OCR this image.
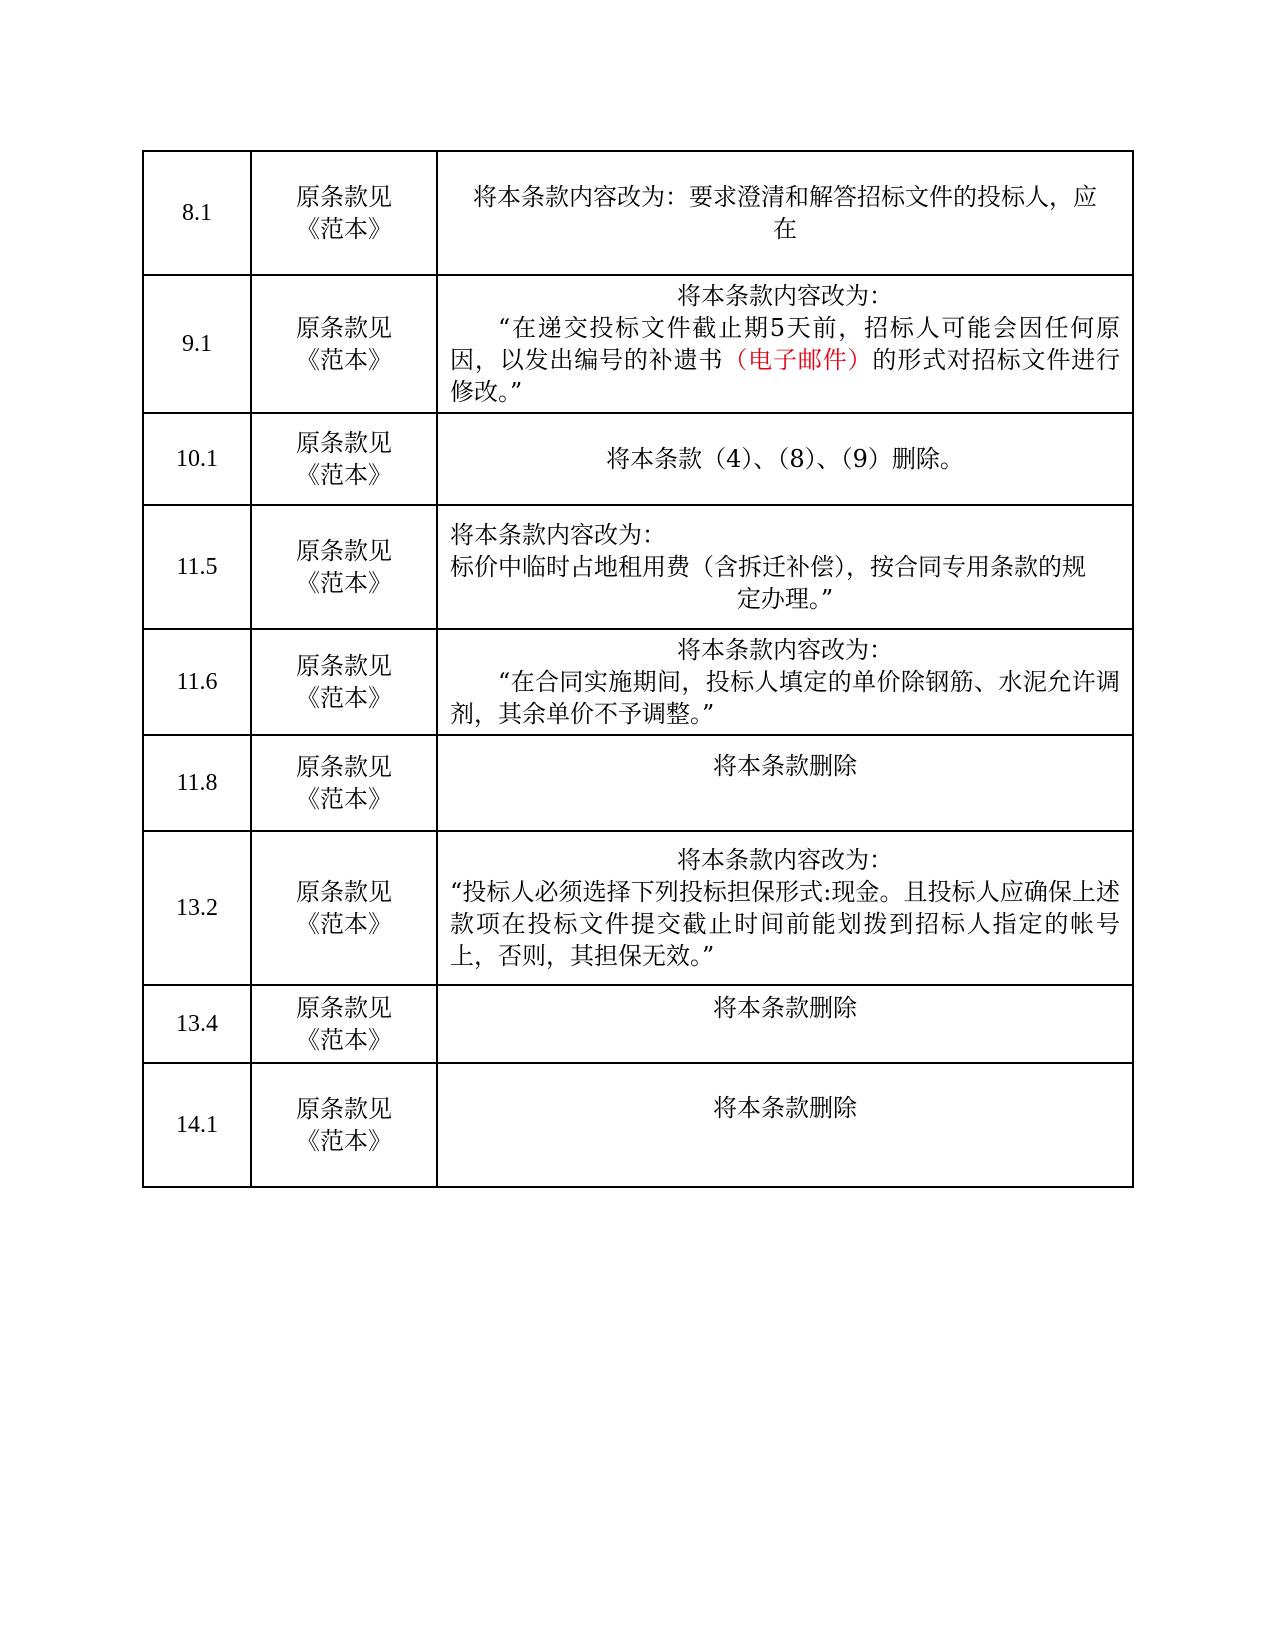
8.1	原条款见
《范本》	将本条款内容改为：要求澄清和解答招标文件的投标人，应
在

9.1	原条款见
《范本》	将本条款内容改为：
“在递交投标文件截止期5天前，招标人可能会因任何原因，以发出编号的补遗书（电子邮件）的形式对招标文件进行修改。”

10.1	原条款见
《范本》	将本条款（4）、（8）、（9）删除。

11.5	原条款见
《范本》	将本条款内容改为：
标价中临时占地租用费（含拆迁补偿），按合同专用条款的规
定办理。”

11.6	原条款见
《范本》	将本条款内容改为：
“在合同实施期间，投标人填定的单价除钢筋、水泥允许调剂，其余单价不予调整。”

11.8	原条款见
《范本》	将本条款删除

13.2	原条款见
《范本》	将本条款内容改为：
“投标人必须选择下列投标担保形式:现金。且投标人应确保上述款项在投标文件提交截止时间前能划拨到招标人指定的帐号上，否则，其担保无效。”

13.4	原条款见
《范本》	将本条款删除

14.1	原条款见
《范本》	将本条款删除
